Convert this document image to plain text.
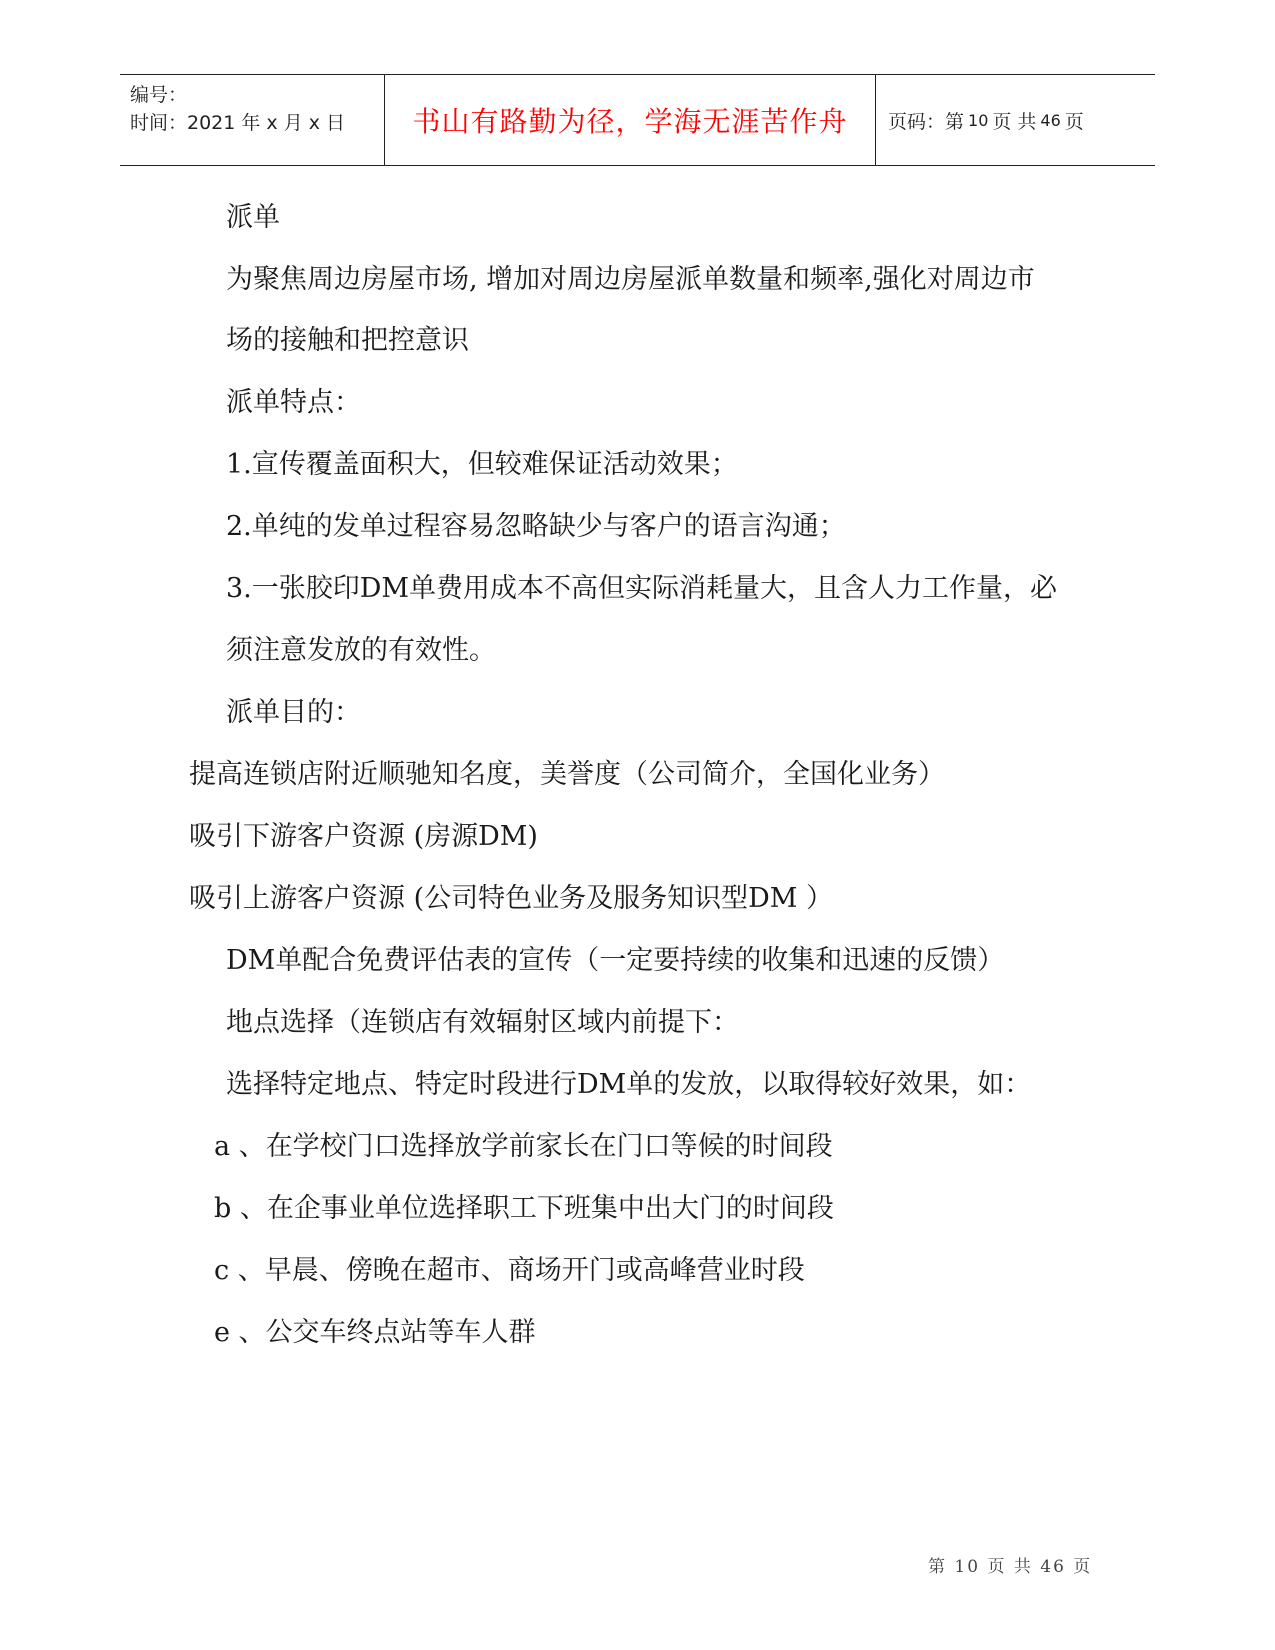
编号：
时间：2021 年 x 月 x 日	书山有路勤为径，学海无涯苦作舟 页码：第 10 页 共 46 页
派单
为聚焦周边房屋市场, 增加对周边房屋派单数量和频率,强化对周边市
场的接触和把控意识
派单特点：
1.宣传覆盖面积大，但较难保证活动效果；
2.单纯的发单过程容易忽略缺少与客户的语言沟通；
3.一张胶印DM单费用成本不高但实际消耗量大，且含人力工作量，必
须注意发放的有效性。
派单目的：
提高连锁店附近顺驰知名度，美誉度（公司简介，全国化业务）
吸引下游客户资源 (房源DM)
吸引上游客户资源 (公司特色业务及服务知识型DM ）
DM单配合免费评估表的宣传（一定要持续的收集和迅速的反馈）
地点选择（连锁店有效辐射区域内前提下：
选择特定地点、特定时段进行DM单的发放，以取得较好效果，如：
a 、在学校门口选择放学前家长在门口等候的时间段
b 、在企事业单位选择职工下班集中出大门的时间段
c 、早晨、傍晚在超市、商场开门或高峰营业时段
e 、公交车终点站等车人群
第 10 页 共 46 页
